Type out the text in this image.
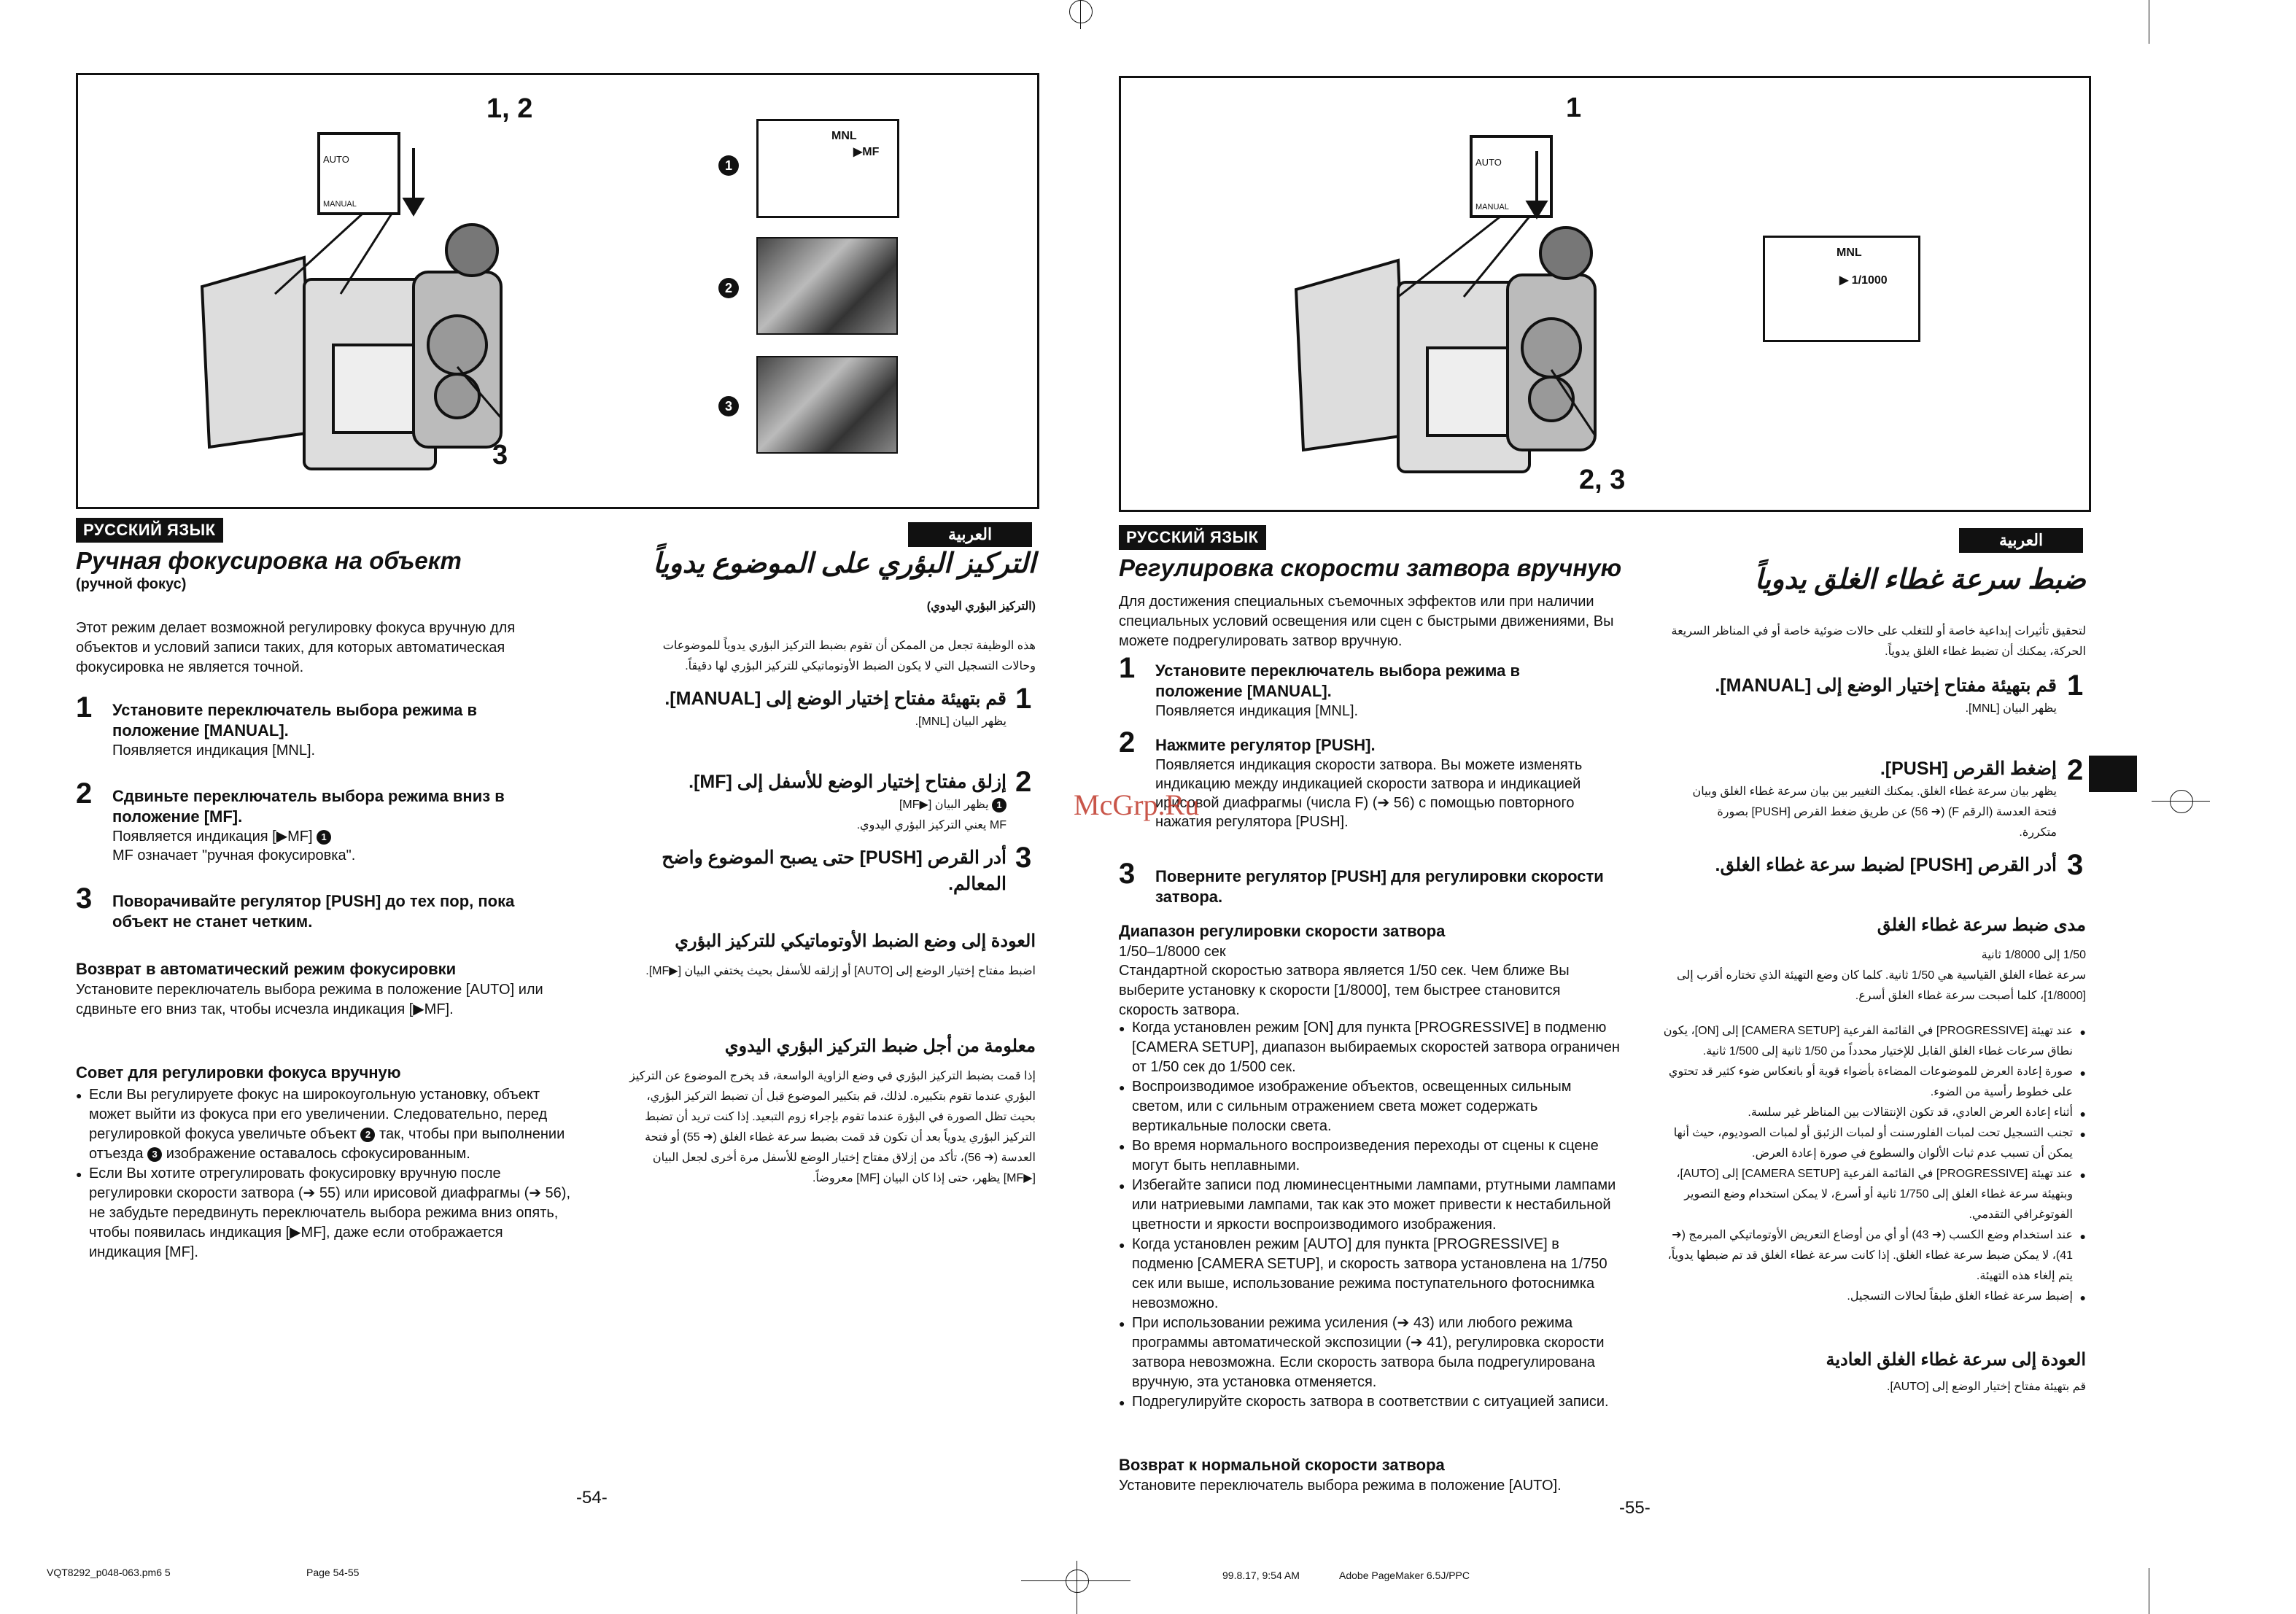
AUTO
MANUAL
1, 2
3
1
MNL
▶MF
2
3
РУССКИЙ ЯЗЫК	العربية
Ручная фокусировка на объект
(ручной фокус)
Этот режим делает возможной регулировку фокуса вручную для объектов и условий записи таких, для которых автоматическая фокусировка не является точной.
1 Установите переключатель выбора режима в положение [MANUAL].
Появляется индикация [MNL].
2 Сдвиньте переключатель выбора режима вниз в положение [MF].
Появляется индикация [▶MF] 1
MF означает "ручная фокусировка".
3 Поворачивайте регулятор [PUSH] до тех пор, пока объект не станет четким.
Возврат в автоматический режим фокусировки
Установите переключатель выбора режима в положение [AUTO] или сдвиньте его вниз так, чтобы исчезла индикация [▶MF].
Совет для регулировки фокуса вручную
● Если Вы регулируете фокус на широкоугольную установку, объект может выйти из фокуса при его увеличении. Следовательно, перед регулировкой фокуса увеличьте объект 2 так, чтобы при выполнении отъезда 3 изображение оставалось сфокусированным.
● Если Вы хотите отрегулировать фокусировку вручную после регулировки скорости затвора (➔ 55) или ирисовой диафрагмы (➔ 56), не забудьте передвинуть переключатель выбора режима вниз опять, чтобы появилась индикация [▶MF], даже если отображается индикация [MF].
التركيز البؤري على الموضوع يدوياً
(التركيز البؤري اليدوي)
هذه الوظيفة تجعل من الممكن أن تقوم بضبط التركيز البؤري يدوياً للموضوعات وحالات التسجيل التي لا يكون الضبط الأوتوماتيكي للتركيز البؤري لها دقيقاً.
1
قم بتهيئة مفتاح إختيار الوضع إلى [MANUAL].
يظهر البيان [MNL].
2
إزلق مفتاح إختيار الوضع للأسفل إلى [MF].
1 يظهر البيان [▶MF]
MF يعني التركيز البؤري اليدوي.
3
أدر القرص [PUSH] حتى يصبح الموضوع واضح المعالم.
العودة إلى وضع الضبط الأوتوماتيكي للتركيز البؤري
اضبط مفتاح إختيار الوضع إلى [AUTO] أو إزلقه للأسفل بحيث يختفي البيان [▶MF].
معلومة من أجل ضبط التركيز البؤري اليدوي
إذا قمت بضبط التركيز البؤري في وضع الزاوية الواسعة، قد يخرج الموضوع عن التركيز البؤري عندما تقوم بتكبيره. لذلك، قم بتكبير الموضوع قبل أن تضبط التركيز البؤري، بحيث تظل الصورة في البؤرة عندما تقوم بإجراء زوم التبعيد. إذا كنت تريد أن تضبط التركيز البؤري يدوياً بعد أن تكون قد قمت بضبط سرعة غطاء الغلق (➔ 55) أو فتحة العدسة (➔ 56)، تأكد من إزلاق مفتاح إختيار الوضع للأسفل مرة أخرى لجعل البيان [▶MF] يظهر، حتى إذا كان البيان [MF] معروضاً.
-54-
AUTO
MANUAL
1
2, 3
MNL
▶ 1/1000
РУССКИЙ ЯЗЫК	العربية
Регулировка скорости затвора вручную
Для достижения специальных съемочных эффектов или при наличии специальных условий освещения или сцен с быстрыми движениями, Вы можете подрегулировать затвор вручную.
1 Установите переключатель выбора режима в положение [MANUAL].
Появляется индикация [MNL].
2 Нажмите регулятор [PUSH].
Появляется индикация скорости затвора. Вы можете изменять индикацию между индикацией скорости затвора и индикацией ирисовой диафрагмы (числа F) (➔ 56) с помощью повторного нажатия регулятора [PUSH].
3 Поверните регулятор [PUSH] для регулировки скорости затвора.
Диапазон регулировки скорости затвора
1/50–1/8000 сек
Стандартной скоростью затвора является 1/50 сек. Чем ближе Вы выберите установку к скорости [1/8000], тем быстрее становится скорость затвора.
● Когда установлен режим [ON] для пункта [PROGRESSIVE] в подменю [CAMERA SETUP], диапазон выбираемых скоростей затвора ограничен от 1/50 сек до 1/500 сек.
● Воспроизводимое изображение объектов, освещенных сильным светом, или с сильным отражением света может содержать вертикальные полоски света.
● Во время нормального воспроизведения переходы от сцены к сцене могут быть неплавными.
● Избегайте записи под люминесцентными лампами, ртутными лампами или натриевыми лампами, так как это может привести к нестабильной цветности и яркости воспроизводимого изображения.
● Когда установлен режим [AUTO] для пункта [PROGRESSIVE] в подменю [CAMERA SETUP], и скорость затвора установлена на 1/750 сек или выше, использование режима поступательного фотоснимка невозможно.
● При использовании режима усиления (➔ 43) или любого режима программы автоматической экспозиции (➔ 41), регулировка скорости затвора невозможна. Если скорость затвора была подрегулирована вручную, эта установка отменяется.
● Подрегулируйте скорость затвора в соответствии с ситуацией записи.
Возврат к нормальной скорости затвора
Установите переключатель выбора режима в положение [AUTO].
ضبط سرعة غطاء الغلق يدوياً
لتحقيق تأثيرات إبداعية خاصة أو للتغلب على حالات ضوئية خاصة أو في المناظر السريعة الحركة، يمكنك أن تضبط غطاء الغلق يدوياً.
1
قم بتهيئة مفتاح إختيار الوضع إلى [MANUAL].
يظهر البيان [MNL].
2
إضغط القرص [PUSH].
يظهر بيان سرعة غطاء الغلق. يمكنك التغيير بين بيان سرعة غطاء الغلق وبيان فتحة العدسة (الرقم F) (➔ 56) عن طريق ضغط القرص [PUSH] بصورة متكررة.
3
أدر القرص [PUSH] لضبط سرعة غطاء الغلق.
مدى ضبط سرعة غطاء الغلق
1/50 إلى 1/8000 ثانية
سرعة غطاء الغلق القياسية هي 1/50 ثانية. كلما كان وضع التهيئة الذي تختاره أقرب إلى [1/8000]، كلما أصبحت سرعة غطاء الغلق أسرع.
● عند تهيئة [PROGRESSIVE] في القائمة الفرعية [CAMERA SETUP] إلى [ON]، يكون نطاق سرعات غطاء الغلق القابل للإختيار محدداً من 1/50 ثانية إلى 1/500 ثانية.
● صورة إعادة العرض للموضوعات المضاءة بأضواء قوية أو بانعكاس ضوء كثير قد تحتوي على خطوط رأسية من الضوء.
● أثناء إعادة العرض العادي، قد تكون الإنتقالات بين المناظر غير سلسة.
● تجنب التسجيل تحت لمبات الفلورسنت أو لمبات الزئبق أو لمبات الصوديوم، حيث أنها يمكن أن تسبب عدم ثبات الألوان والسطوع في صورة إعادة العرض.
● عند تهيئة [PROGRESSIVE] في القائمة الفرعية [CAMERA SETUP] إلى [AUTO]، وبتهيئة سرعة غطاء الغلق إلى 1/750 ثانية أو أسرع، لا يمكن استخدام وضع التصوير الفوتوغرافي التقدمي.
● عند استخدام وضع الكسب (➔ 43) أو أي من أوضاع التعريض الأوتوماتيكي المبرمج (➔ 41)، لا يمكن ضبط سرعة غطاء الغلق. إذا كانت سرعة غطاء الغلق قد تم ضبطها يدوياً، يتم إلغاء هذه التهيئة.
● إضبط سرعة غطاء الغلق طبقاً لحالات التسجيل.
العودة إلى سرعة غطاء الغلق العادية
قم بتهيئة مفتاح إختيار الوضع إلى [AUTO].
-55-
McGrp.Ru
VQT8292_p048-063.pm6 5	Page 54-55	99.8.17, 9:54 AM	Adobe PageMaker 6.5J/PPC
